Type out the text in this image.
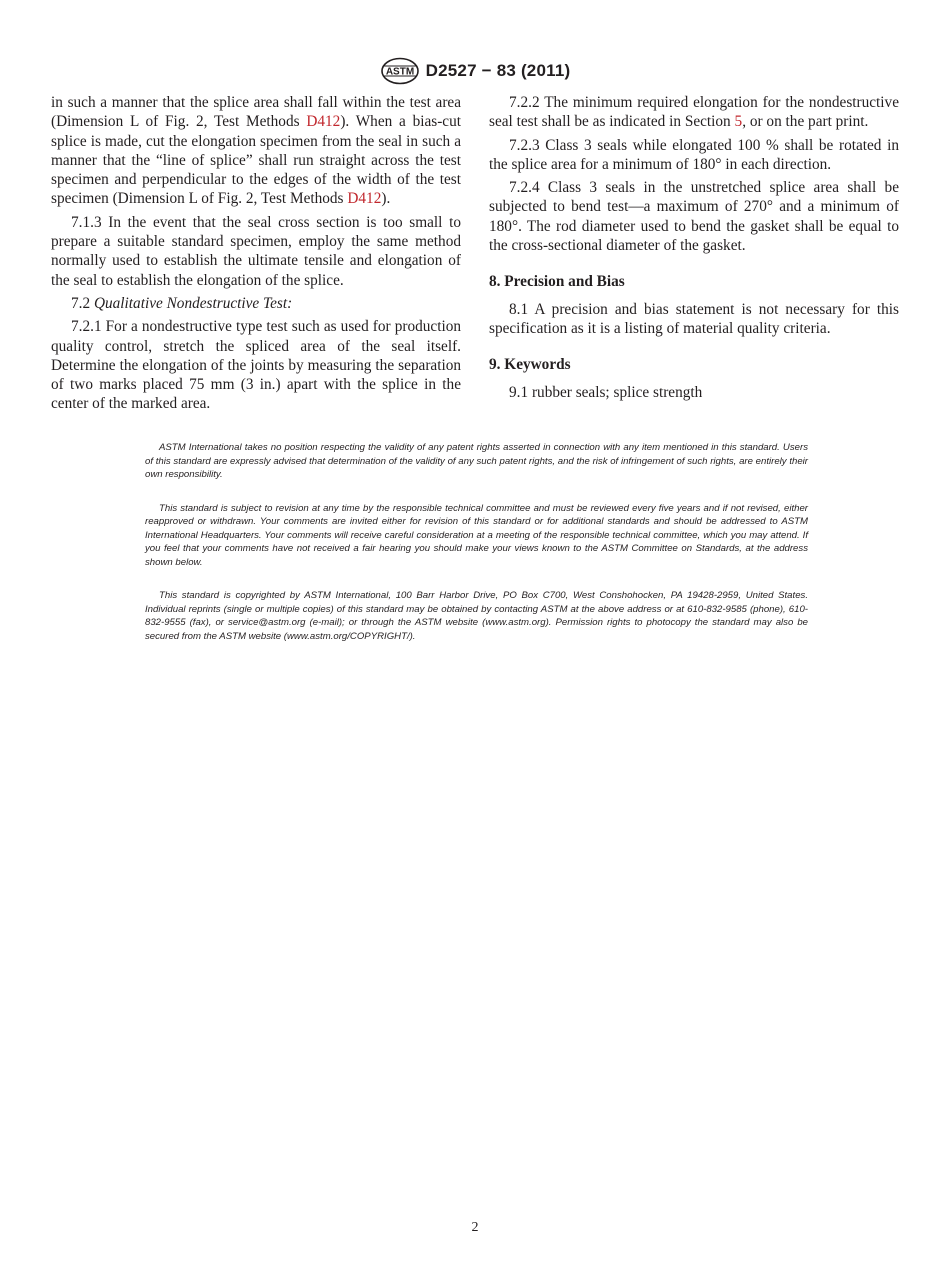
ASTM D2527 − 83 (2011)

in such a manner that the splice area shall fall within the test area (Dimension L of Fig. 2, Test Methods D412). When a bias-cut splice is made, cut the elongation specimen from the seal in such a manner that the “line of splice” shall run straight across the test specimen and perpendicular to the edges of the width of the test specimen (Dimension L of Fig. 2, Test Methods D412).

7.1.3 In the event that the seal cross section is too small to prepare a suitable standard specimen, employ the same method normally used to establish the ultimate tensile and elongation of the seal to establish the elongation of the splice.

7.2 Qualitative Nondestructive Test:

7.2.1 For a nondestructive type test such as used for production quality control, stretch the spliced area of the seal itself. Determine the elongation of the joints by measuring the separation of two marks placed 75 mm (3 in.) apart with the splice in the center of the marked area.

7.2.2 The minimum required elongation for the nondestructive seal test shall be as indicated in Section 5, or on the part print.

7.2.3 Class 3 seals while elongated 100 % shall be rotated in the splice area for a minimum of 180° in each direction.

7.2.4 Class 3 seals in the unstretched splice area shall be subjected to bend test—a maximum of 270° and a minimum of 180°. The rod diameter used to bend the gasket shall be equal to the cross-sectional diameter of the gasket.

8. Precision and Bias

8.1 A precision and bias statement is not necessary for this specification as it is a listing of material quality criteria.

9. Keywords

9.1 rubber seals; splice strength

ASTM International takes no position respecting the validity of any patent rights asserted in connection with any item mentioned in this standard. Users of this standard are expressly advised that determination of the validity of any such patent rights, and the risk of infringement of such rights, are entirely their own responsibility.

This standard is subject to revision at any time by the responsible technical committee and must be reviewed every five years and if not revised, either reapproved or withdrawn. Your comments are invited either for revision of this standard or for additional standards and should be addressed to ASTM International Headquarters. Your comments will receive careful consideration at a meeting of the responsible technical committee, which you may attend. If you feel that your comments have not received a fair hearing you should make your views known to the ASTM Committee on Standards, at the address shown below.

This standard is copyrighted by ASTM International, 100 Barr Harbor Drive, PO Box C700, West Conshohocken, PA 19428-2959, United States. Individual reprints (single or multiple copies) of this standard may be obtained by contacting ASTM at the above address or at 610-832-9585 (phone), 610-832-9555 (fax), or service@astm.org (e-mail); or through the ASTM website (www.astm.org). Permission rights to photocopy the standard may also be secured from the ASTM website (www.astm.org/COPYRIGHT/).

2
